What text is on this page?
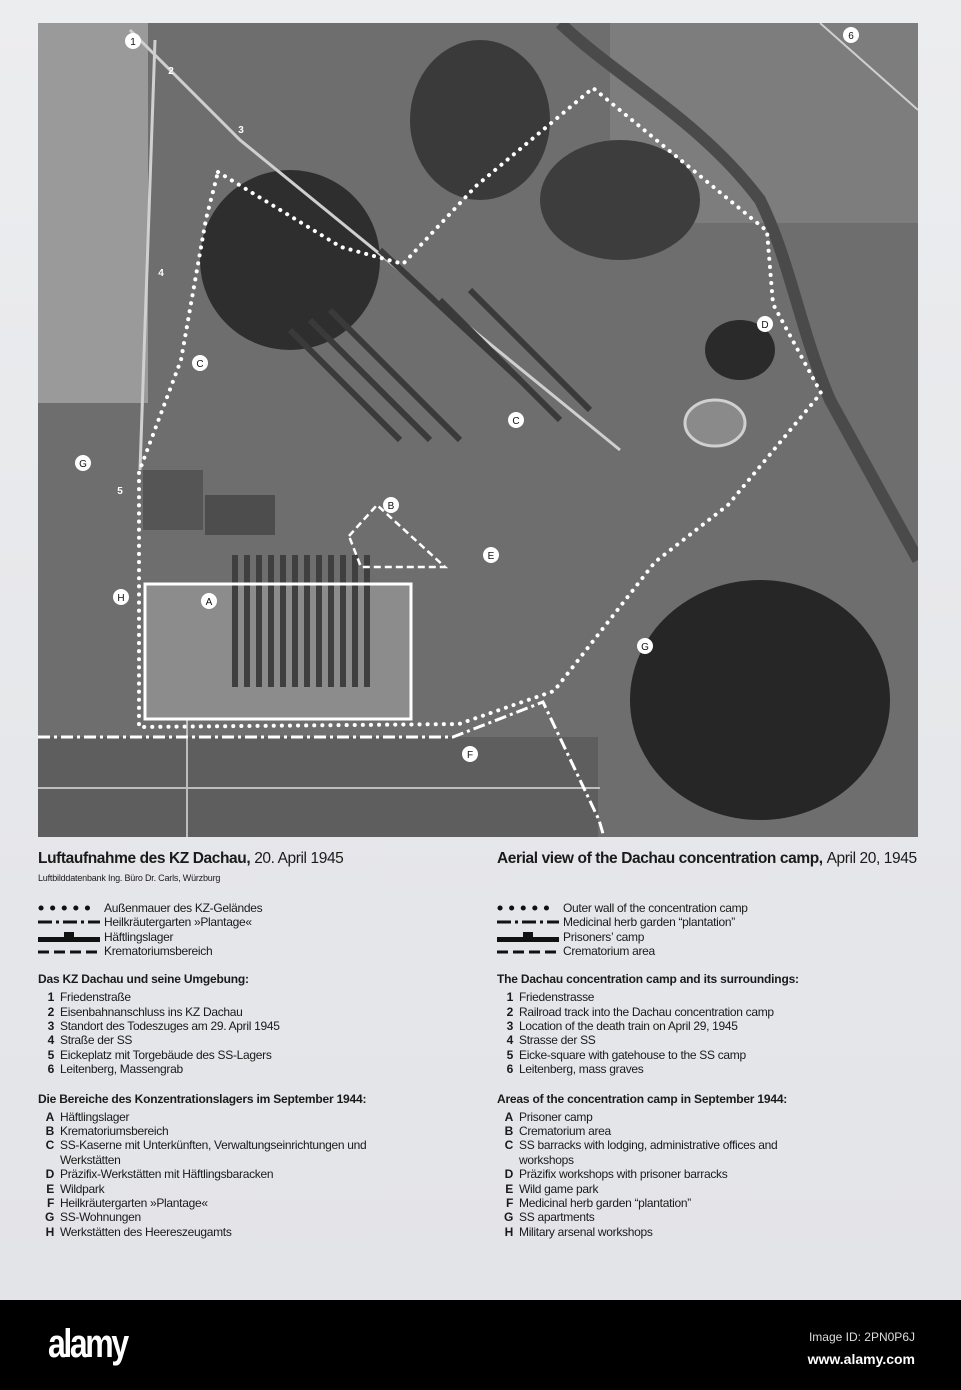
1
2
3
4
5
6
A
B
C
C
D
E
F
G
G
H
Luftaufnahme des KZ Dachau, 20. April 1945
Luftbilddatenbank Ing. Büro Dr. Carls, Würzburg
Außenmauer des KZ-Geländes
Heilkräutergarten »Plantage«
Häftlingslager
Krematoriumsbereich
Das KZ Dachau und seine Umgebung:
1 Friedenstraße
2 Eisenbahnanschluss ins KZ Dachau
3 Standort des Todeszuges am 29. April 1945
4 Straße der SS
5 Eickeplatz mit Torgebäude des SS-Lagers
6 Leitenberg, Massengrab
Die Bereiche des Konzentrationslagers im September 1944:
A Häftlingslager
B Krematoriumsbereich
C SS-Kaserne mit Unterkünften, Verwaltungseinrichtungen und Werkstätten
D Präzifix-Werkstätten mit Häftlingsbaracken
E Wildpark
F Heilkräutergarten »Plantage«
G SS-Wohnungen
H Werkstätten des Heereszeugamts
Aerial view of the Dachau concentration camp, April 20, 1945
Outer wall of the concentration camp
Medicinal herb garden “plantation”
Prisoners’ camp
Crematorium area
The Dachau concentration camp and its surroundings:
1 Friedenstrasse
2 Railroad track into the Dachau concentration camp
3 Location of the death train on April 29, 1945
4 Strasse der SS
5 Eicke-square with gatehouse to the SS camp
6 Leitenberg, mass graves
Areas of the concentration camp in September 1944:
A Prisoner camp
B Crematorium area
C SS barracks with lodging, administrative offices and workshops
D Präzifix workshops with prisoner barracks
E Wild game park
F Medicinal herb garden “plantation”
G SS apartments
H Military arsenal workshops
alamy	Image ID: 2PN0P6J
www.alamy.com
